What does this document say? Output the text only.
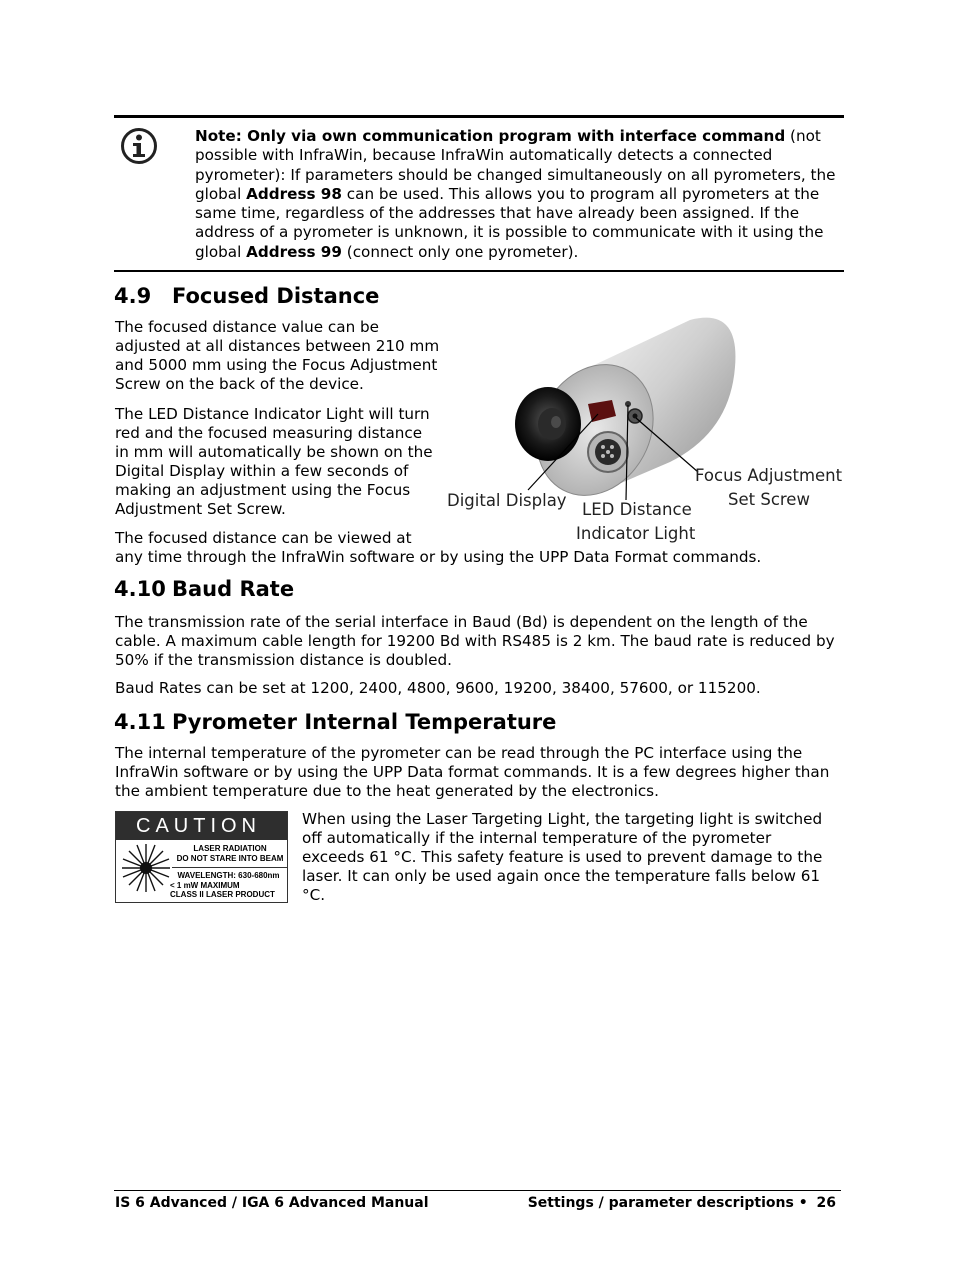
Note: Only via own communication program with interface command (not possible with InfraWin, because InfraWin automatically detects a connected pyrometer): If parameters should be changed simultaneously on all pyrometers, the global Address 98 can be used. This allows you to program all pyrometers at the same time, regardless of the addresses that have already been assigned. If the address of a pyrometer is unknown, it is possible to communicate with it using the global Address 99 (connect only one pyrometer).
4.9 Focused Distance

The focused distance value can be adjusted at all distances between 210 mm and 5000 mm using the Focus Adjustment Screw on the back of the device.

The LED Distance Indicator Light will turn red and the focused measuring distance in mm will automatically be shown on the Digital Display within a few seconds of making an adjustment using the Focus Adjustment Set Screw.

The focused distance can be viewed at

any time through the InfraWin software or by using the UPP Data Format commands.

Digital Display LED Distance
Indicator Light
Focus Adjustment
Set Screw
4.10 Baud Rate

The transmission rate of the serial interface in Baud (Bd) is dependent on the length of the cable. A maximum cable length for 19200 Bd with RS485 is 2 km. The baud rate is reduced by 50% if the transmission distance is doubled.

Baud Rates can be set at 1200, 2400, 4800, 9600, 19200, 38400, 57600, or 115200.

4.11 Pyrometer Internal Temperature

The internal temperature of the pyrometer can be read through the PC interface using the InfraWin software or by using the UPP Data format commands. It is a few degrees higher than the ambient temperature due to the heat generated by the electronics.

CAUTION
LASER RADIATION
DO NOT STARE INTO BEAM
WAVELENGTH: 630-680nm
< 1 mW MAXIMUM
CLASS II LASER PRODUCT

When using the Laser Targeting Light, the targeting light is switched off automatically if the internal temperature of the pyrometer exceeds 61 °C. This safety feature is used to prevent damage to the laser. It can only be used again once the temperature falls below 61 °C.

IS 6 Advanced / IGA 6 Advanced Manual	Settings / parameter descriptions • 26
